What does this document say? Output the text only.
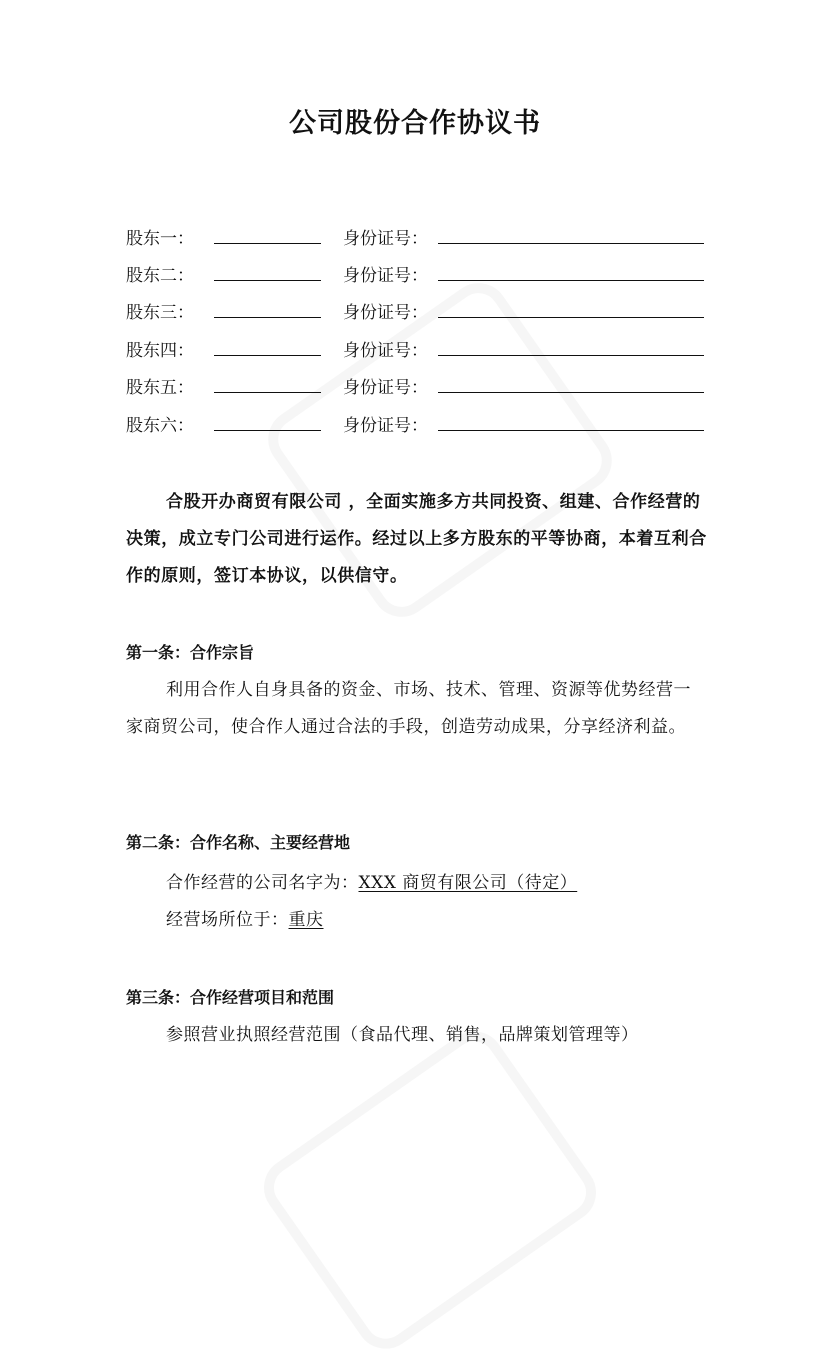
公司股份合作协议书
股东一：	身份证号：
股东二：	身份证号：
股东三：	身份证号：
股东四：	身份证号：
股东五：	身份证号：
股东六：	身份证号：
合股开办商贸有限公司 ，全面实施多方共同投资、组建、合作经营的决策，成立专门公司进行运作。经过以上多方股东的平等协商，本着互利合作的原则，签订本协议，以供信守。
第一条：合作宗旨
利用合作人自身具备的资金、市场、技术、管理、资源等优势经营一家商贸公司，使合作人通过合法的手段，创造劳动成果，分享经济利益。
第二条：合作名称、主要经营地
合作经营的公司名字为：XXX 商贸有限公司（待定）
经营场所位于：重庆
第三条：合作经营项目和范围
参照营业执照经营范围（食品代理、销售，品牌策划管理等）
